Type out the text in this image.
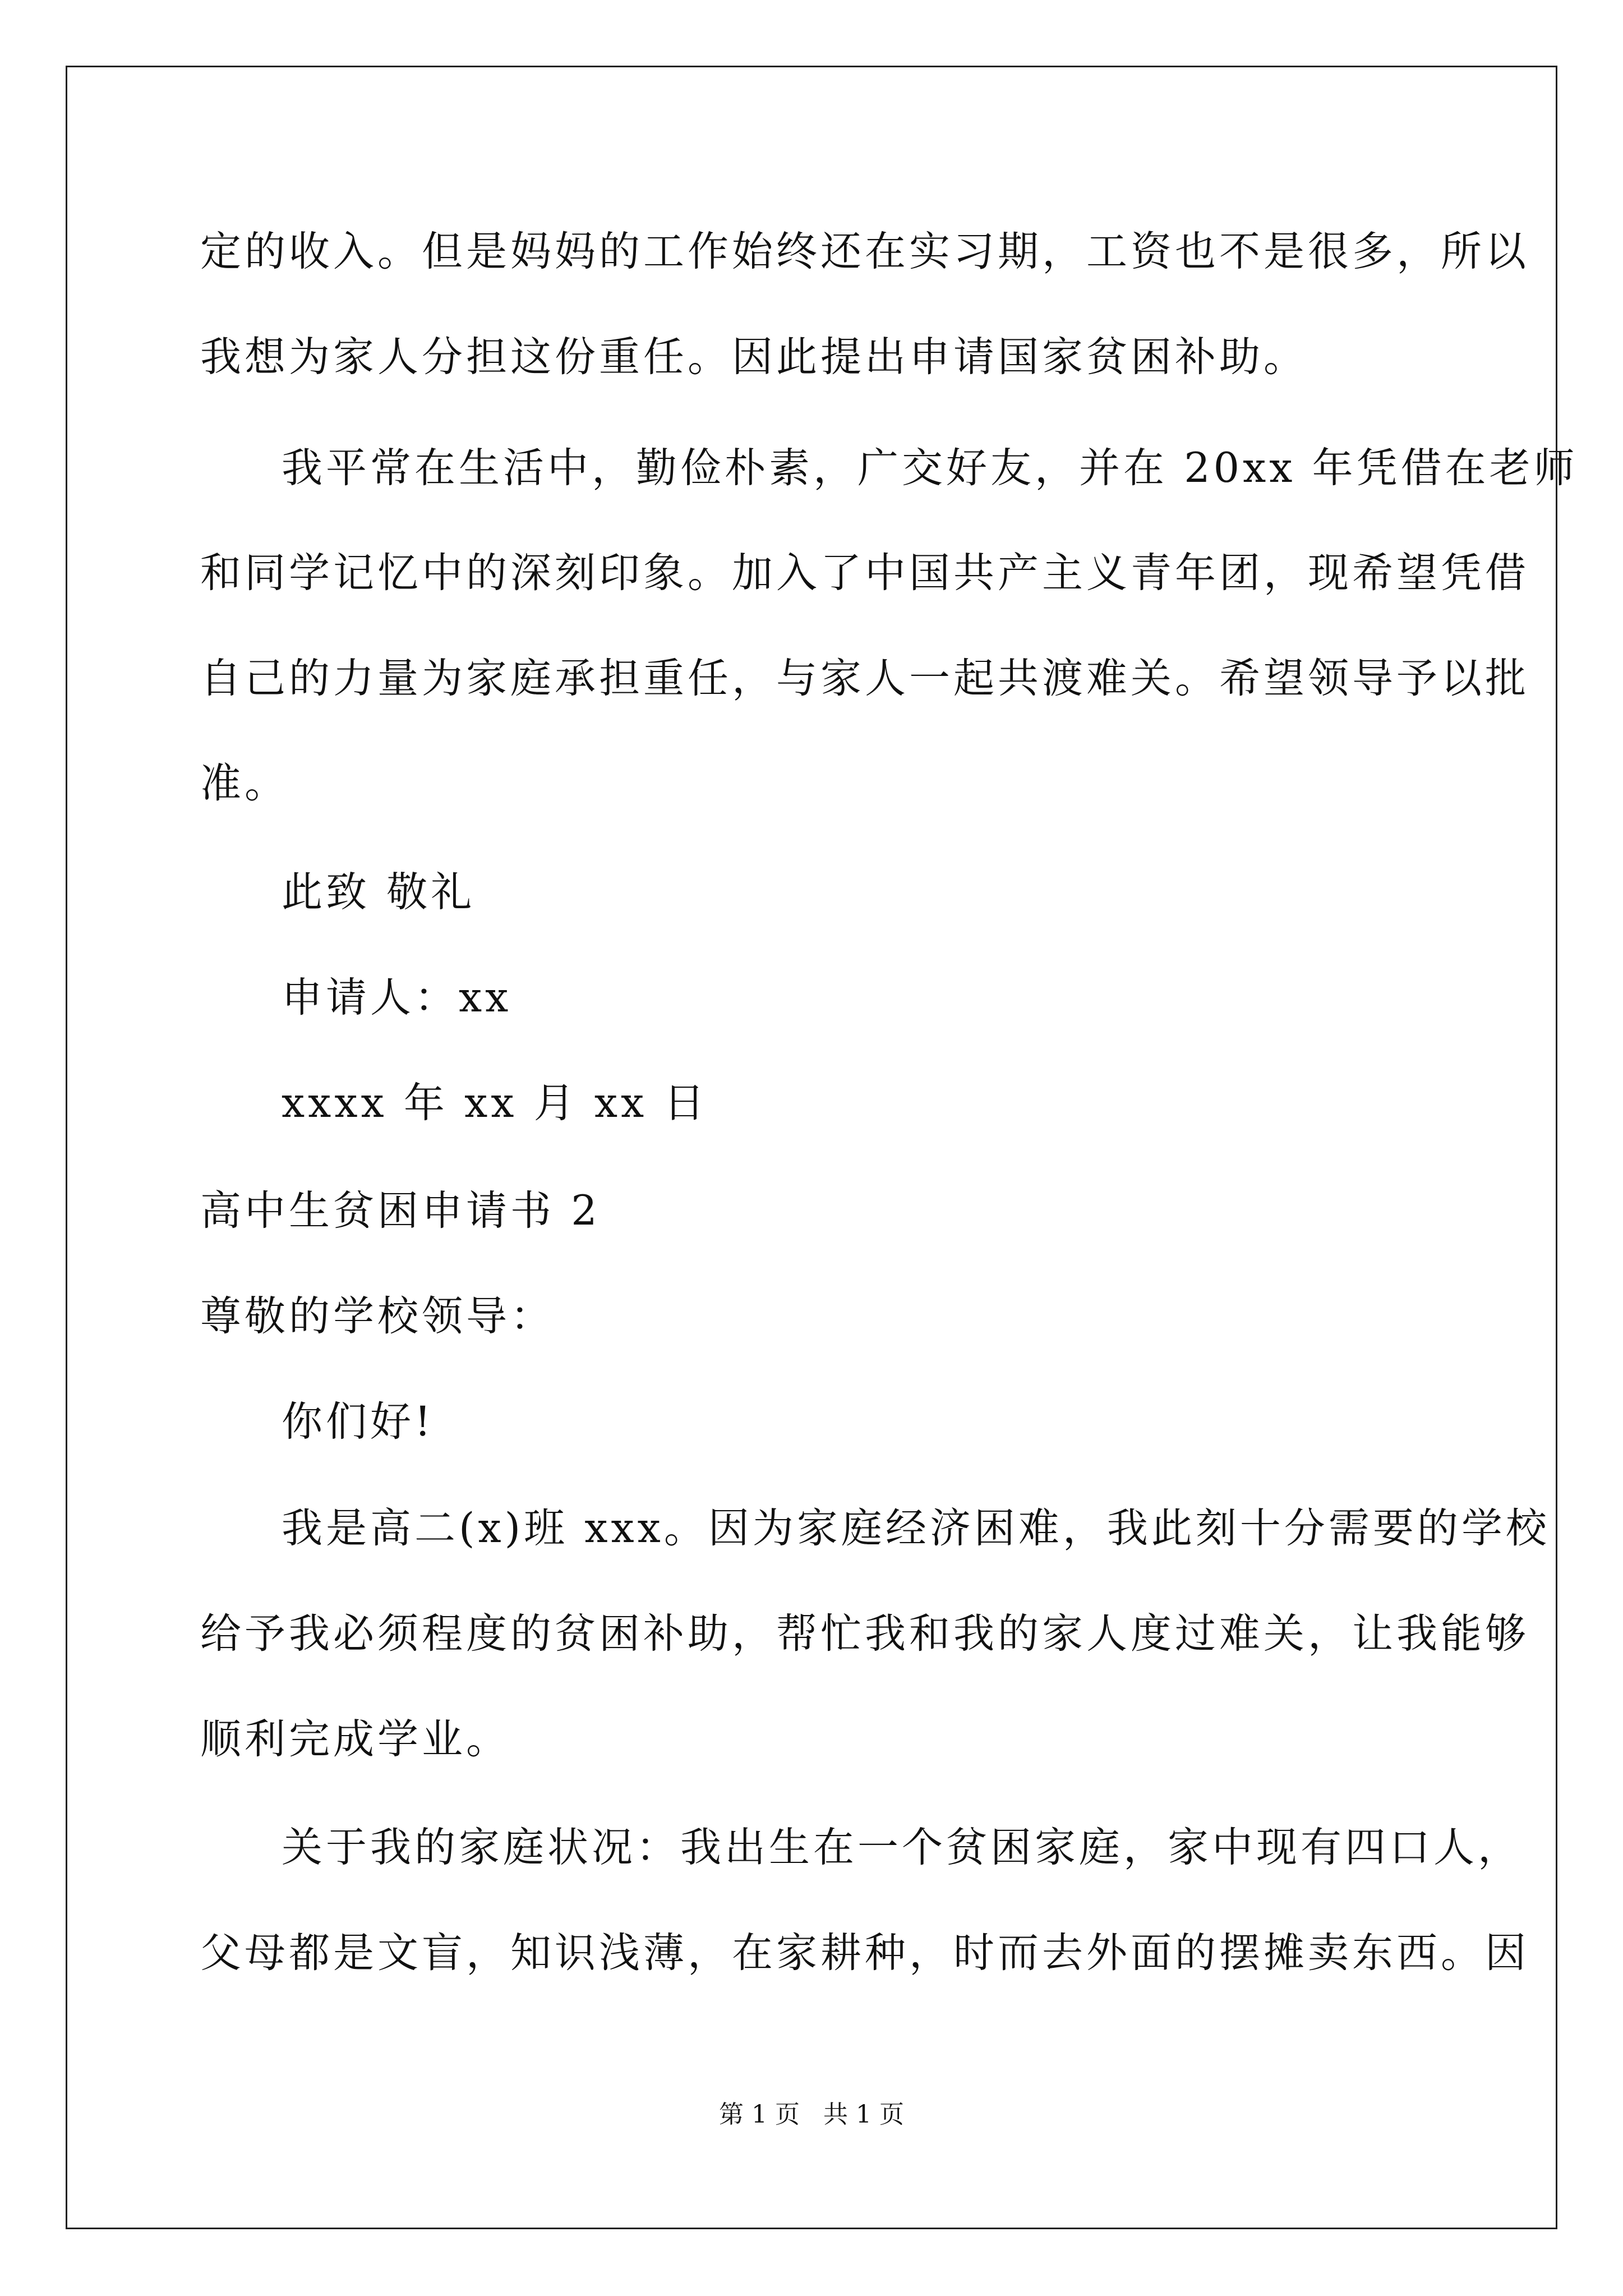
定的收入。但是妈妈的工作始终还在实习期，工资也不是很多，所以
我想为家人分担这份重任。因此提出申请国家贫困补助。
我平常在生活中，勤俭朴素，广交好友，并在 20xx 年凭借在老师
和同学记忆中的深刻印象。加入了中国共产主义青年团，现希望凭借
自己的力量为家庭承担重任，与家人一起共渡难关。希望领导予以批
准。
此致 敬礼
申请人：xx
xxxx 年 xx 月 xx 日
高中生贫困申请书 2
尊敬的学校领导：
你们好!
我是高二(x)班 xxx。因为家庭经济困难，我此刻十分需要的学校
给予我必须程度的贫困补助，帮忙我和我的家人度过难关，让我能够
顺利完成学业。
关于我的家庭状况：我出生在一个贫困家庭，家中现有四口人，
父母都是文盲，知识浅薄，在家耕种，时而去外面的摆摊卖东西。因
第 1 页   共 1 页
